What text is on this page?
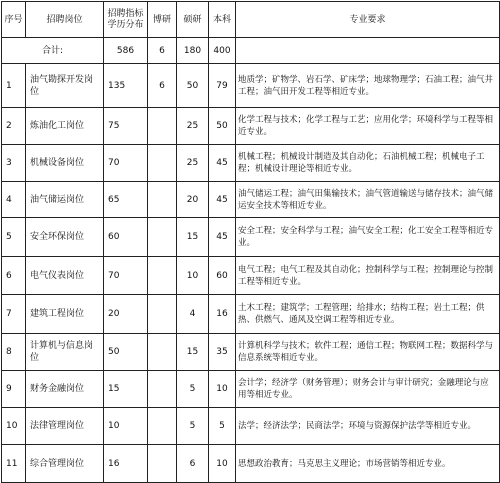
序号	招聘岗位	招聘指标学历分布	博研	硕研	本科	专业要求
合计:		586	6	180	400	
1	油气勘探开发岗位	135	6	50	79	地质学；矿物学、岩石学、矿床学；地球物理学；石油工程；油气井工程；油气田开发工程等相近专业。
2	炼油化工岗位	75		25	50	化学工程与技术；化学工程与工艺；应用化学；环境科学与工程等相近专业。
3	机械设备岗位	70		25	45	机械工程；机械设计制造及其自动化；石油机械工程；机械电子工程；机械设计理论等相近专业。
4	油气储运岗位	65		20	45	油气储运工程；油气田集输技术；油气管道输送与储存技术；油气储运安全技术等相近专业。
5	安全环保岗位	60		15	45	安全工程；安全科学与工程；油气安全工程；化工安全工程等相近专业。
6	电气仪表岗位	70		10	60	电气工程；电气工程及其自动化；控制科学与工程；控制理论与控制工程等相近专业。
7	建筑工程岗位	20		4	16	土木工程；建筑学；工程管理；给排水；结构工程；岩土工程；供热、供燃气、通风及空调工程等相近专业。
8	计算机与信息岗位	50		15	35	计算机科学与技术；软件工程；通信工程；物联网工程；数据科学与信息系统等相近专业。
9	财务金融岗位	15		5	10	会计学；经济学（财务管理）；财务会计与审计研究；金融理论与应用等相近专业。
10	法律管理岗位	10		5	5	法学；经济法学；民商法学；环境与资源保护法学等相近专业。
11	综合管理岗位	16		6	10	思想政治教育；马克思主义理论；市场营销等相近专业。
